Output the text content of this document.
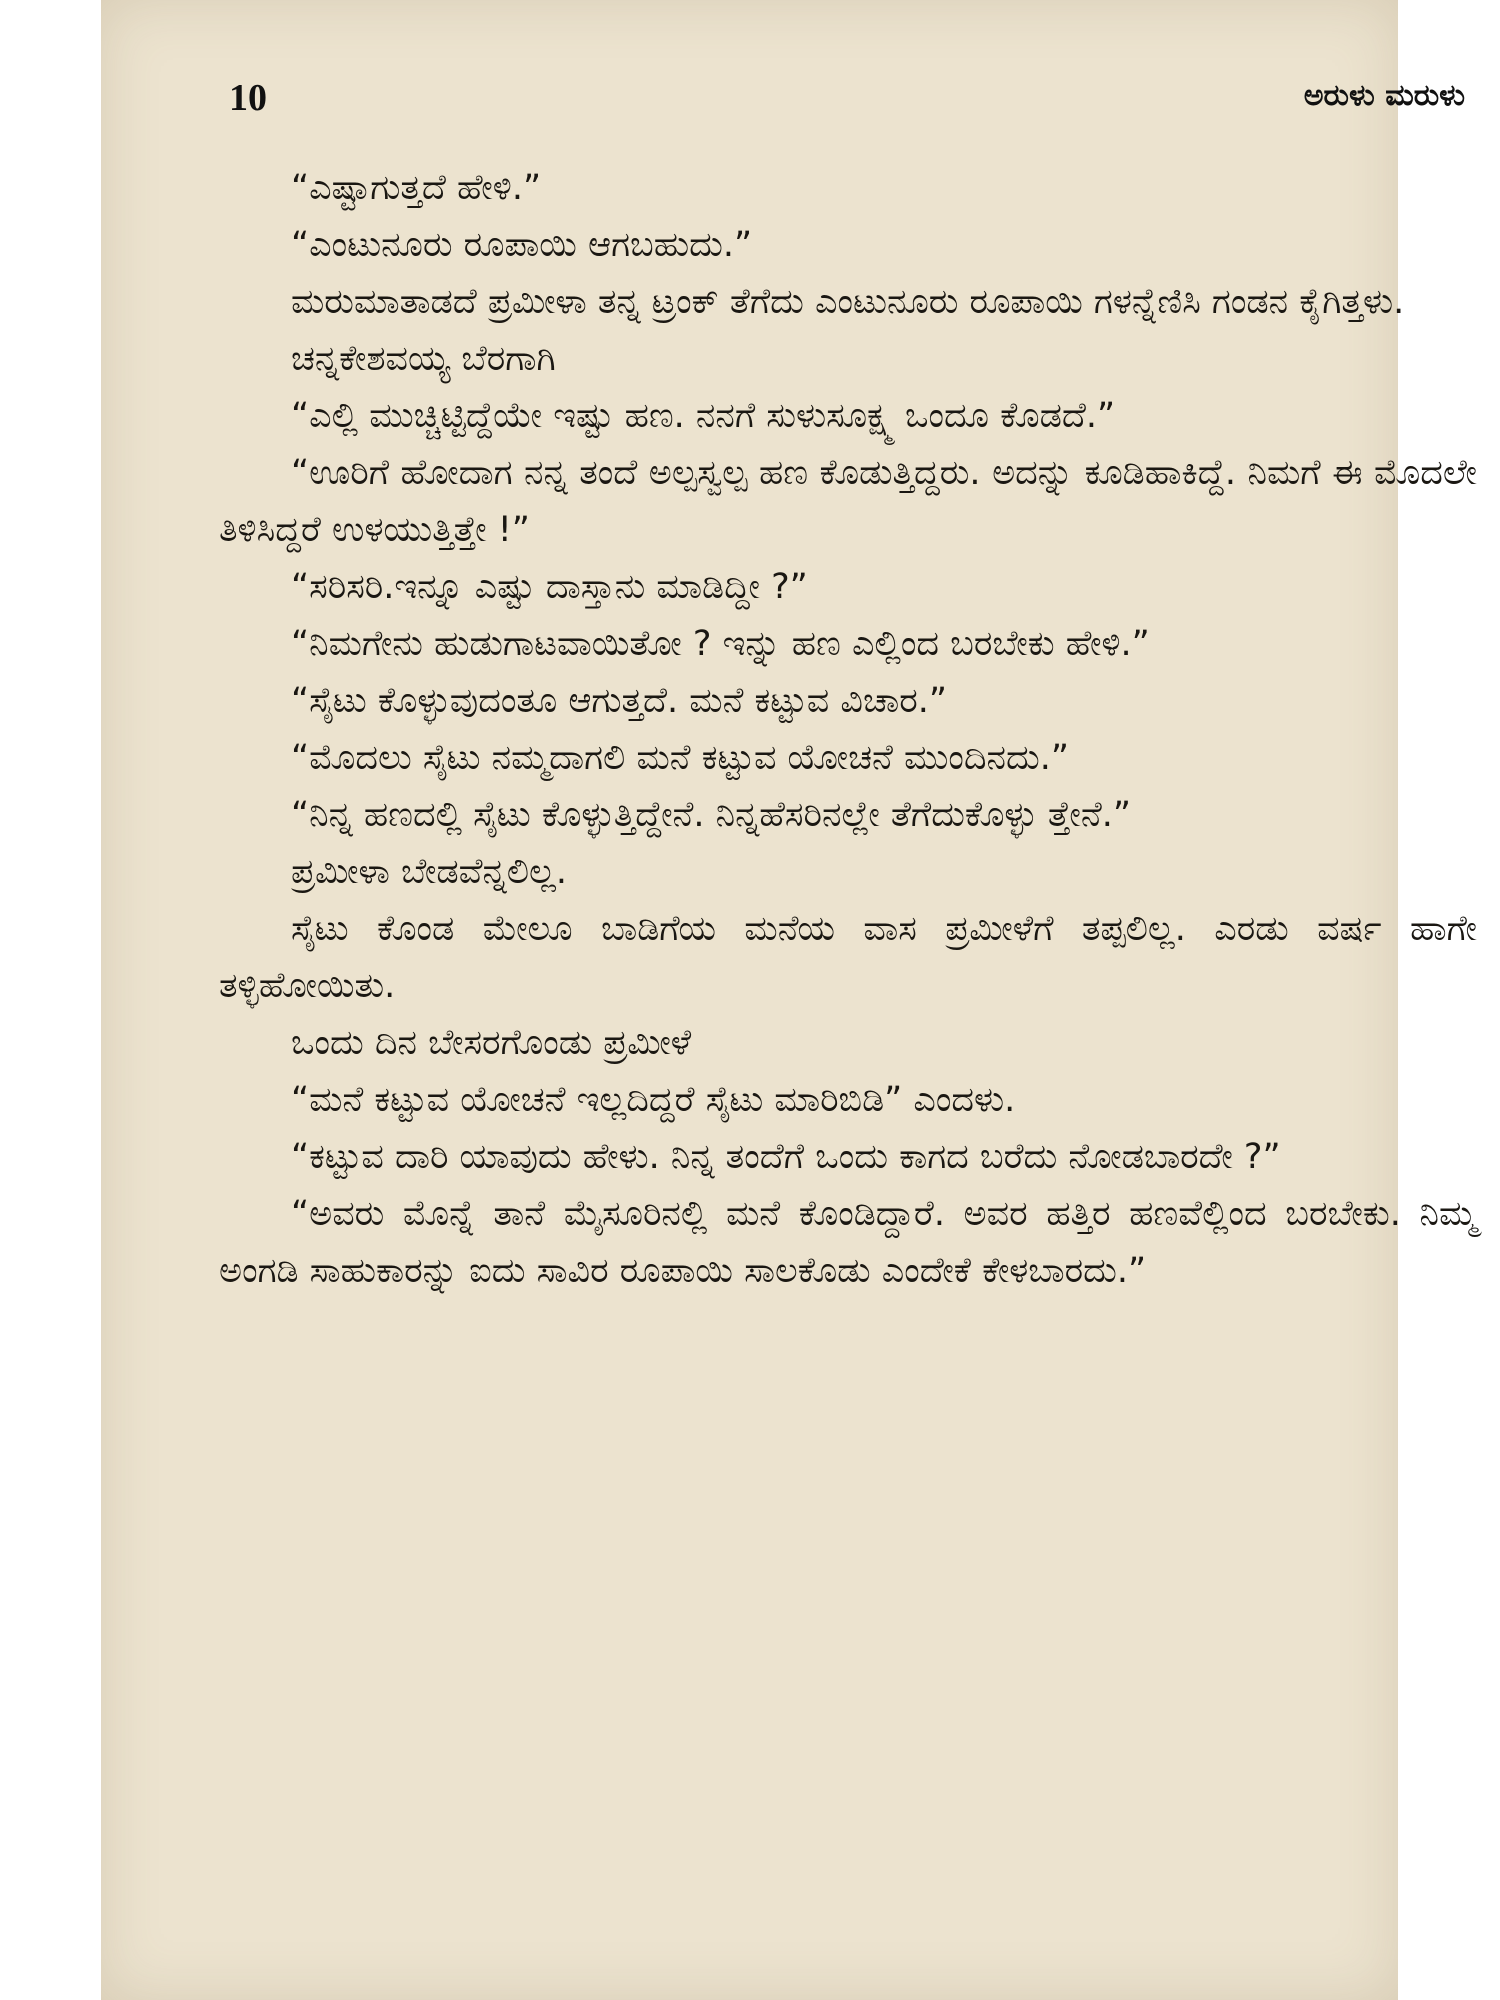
10	ಅರುಳು ಮರುಳು

“ಎಷ್ಟಾಗುತ್ತದೆ ಹೇಳಿ.”

“ಎಂಟುನೂರು ರೂಪಾಯಿ ಆಗಬಹುದು.”

ಮರುಮಾತಾಡದೆ ಪ್ರಮೀಳಾ ತನ್ನ ಟ್ರಂಕ್ ತೆಗೆದು ಎಂಟುನೂರು ರೂಪಾಯಿ ಗಳನ್ನೆಣಿಸಿ ಗಂಡನ ಕೈಗಿತ್ತಳು.

ಚನ್ನಕೇಶವಯ್ಯ ಬೆರಗಾಗಿ

“ಎಲ್ಲಿ ಮುಚ್ಚಿಟ್ಟಿದ್ದೆಯೇ ಇಷ್ಟು ಹಣ. ನನಗೆ ಸುಳುಸೂಕ್ಷ್ಮ ಒಂದೂ ಕೊಡದೆ.”

“ಊರಿಗೆ ಹೋದಾಗ ನನ್ನ ತಂದೆ ಅಲ್ಪಸ್ವಲ್ಪ ಹಣ ಕೊಡುತ್ತಿದ್ದರು. ಅದನ್ನು ಕೂಡಿಹಾಕಿದ್ದೆ. ನಿಮಗೆ ಈ ಮೊದಲೇ ತಿಳಿಸಿದ್ದರೆ ಉಳಯುತ್ತಿತ್ತೇ !”

“ಸರಿಸರಿ.ಇನ್ನೂ ಎಷ್ಟು ದಾಸ್ತಾನು ಮಾಡಿದ್ದೀ ?”

“ನಿಮಗೇನು ಹುಡುಗಾಟವಾಯಿತೋ ? ಇನ್ನು ಹಣ ಎಲ್ಲಿಂದ ಬರಬೇಕು ಹೇಳಿ.”

“ಸೈಟು ಕೊಳ್ಳುವುದಂತೂ ಆಗುತ್ತದೆ. ಮನೆ ಕಟ್ಟುವ ವಿಚಾರ.”

“ಮೊದಲು ಸೈಟು ನಮ್ಮದಾಗಲಿ ಮನೆ ಕಟ್ಟುವ ಯೋಚನೆ ಮುಂದಿನದು.”

“ನಿನ್ನ ಹಣದಲ್ಲಿ ಸೈಟು ಕೊಳ್ಳುತ್ತಿದ್ದೇನೆ. ನಿನ್ನಹೆಸರಿನಲ್ಲೇ ತೆಗೆದುಕೊಳ್ಳು ತ್ತೇನೆ.”

ಪ್ರಮೀಳಾ ಬೇಡವೆನ್ನಲಿಲ್ಲ.

ಸೈಟು ಕೊಂಡ ಮೇಲೂ ಬಾಡಿಗೆಯ ಮನೆಯ ವಾಸ ಪ್ರಮೀಳೆಗೆ ತಪ್ಪಲಿಲ್ಲ. ಎರಡು ವರ್ಷ ಹಾಗೇ ತಳ್ಳಿಹೋಯಿತು.

ಒಂದು ದಿನ ಬೇಸರಗೊಂಡು ಪ್ರಮೀಳೆ

“ಮನೆ ಕಟ್ಟುವ ಯೋಚನೆ ಇಲ್ಲದಿದ್ದರೆ ಸೈಟು ಮಾರಿಬಿಡಿ” ಎಂದಳು.

“ಕಟ್ಟುವ ದಾರಿ ಯಾವುದು ಹೇಳು. ನಿನ್ನ ತಂದೆಗೆ ಒಂದು ಕಾಗದ ಬರೆದು ನೋಡಬಾರದೇ ?”

“ಅವರು ಮೊನ್ನೆ ತಾನೆ ಮೈಸೂರಿನಲ್ಲಿ ಮನೆ ಕೊಂಡಿದ್ದಾರೆ. ಅವರ ಹತ್ತಿರ ಹಣವೆಲ್ಲಿಂದ ಬರಬೇಕು. ನಿಮ್ಮ ಅಂಗಡಿ ಸಾಹುಕಾರನ್ನು ಐದು ಸಾವಿರ ರೂಪಾಯಿ ಸಾಲಕೊಡು ಎಂದೇಕೆ ಕೇಳಬಾರದು.”
